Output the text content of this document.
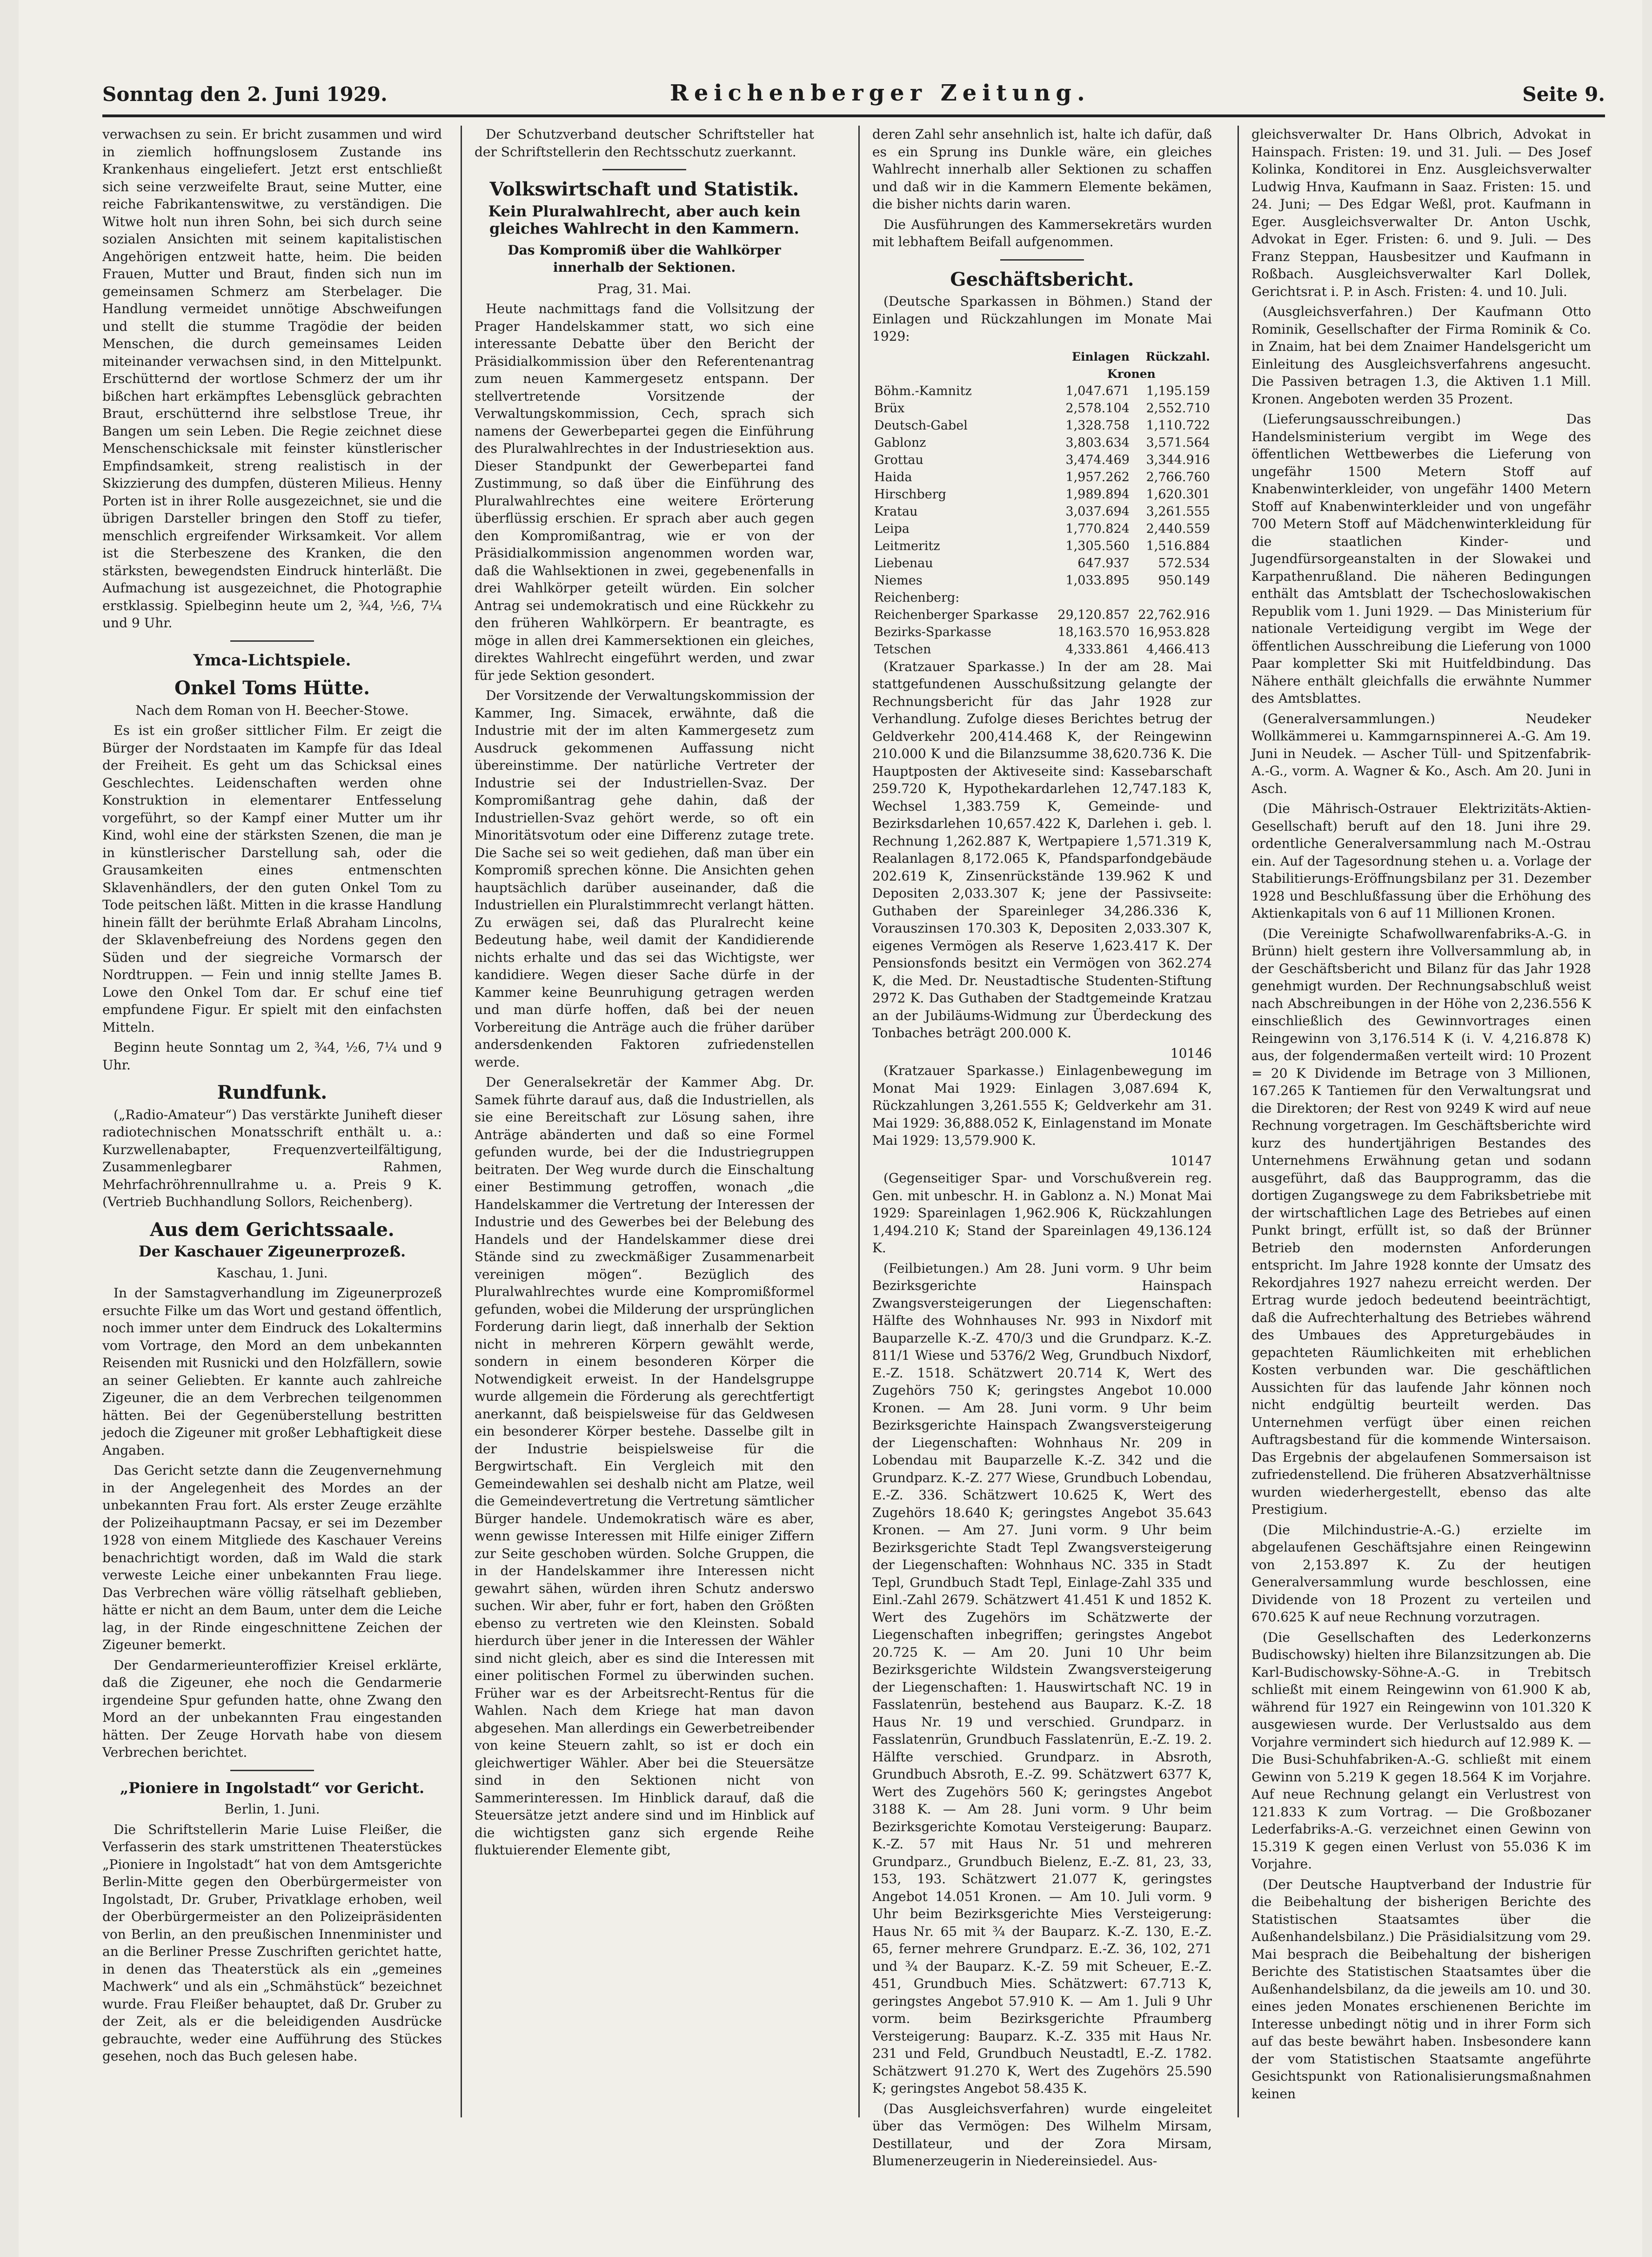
Sonntag den 2. Juni 1929.	Reichenberger Zeitung.	Seite 9.

verwachsen zu sein. Er bricht zusammen und wird in ziemlich hoffnungslosem Zustande ins Krankenhaus eingeliefert. Jetzt erst entschließt sich seine verzweifelte Braut, seine Mutter, eine reiche Fabrikantenswitwe, zu verständigen. Die Witwe holt nun ihren Sohn, bei sich durch seine sozialen Ansichten mit seinem kapitalistischen Angehörigen entzweit hatte, heim. Die beiden Frauen, Mutter und Braut, finden sich nun im gemeinsamen Schmerz am Sterbelager. Die Handlung vermeidet unnötige Abschweifungen und stellt die stumme Tragödie der beiden Menschen, die durch gemeinsames Leiden miteinander verwachsen sind, in den Mittelpunkt. Erschütternd der wortlose Schmerz der um ihr bißchen hart erkämpftes Lebensglück gebrachten Braut, erschütternd ihre selbstlose Treue, ihr Bangen um sein Leben. Die Regie zeichnet diese Menschenschicksale mit feinster künstlerischer Empfindsamkeit, streng realistisch in der Skizzierung des dumpfen, düsteren Milieus. Henny Porten ist in ihrer Rolle ausgezeichnet, sie und die übrigen Darsteller bringen den Stoff zu tiefer, menschlich ergreifender Wirksamkeit. Vor allem ist die Sterbeszene des Kranken, die den stärksten, bewegendsten Eindruck hinterläßt. Die Aufmachung ist ausgezeichnet, die Photographie erstklassig. Spielbeginn heute um 2, ¾4, ½6, 7¼ und 9 Uhr.

Ymca-Lichtspiele.
Onkel Toms Hütte.
Nach dem Roman von H. Beecher-Stowe.

Es ist ein großer sittlicher Film. Er zeigt die Bürger der Nordstaaten im Kampfe für das Ideal der Freiheit. Es geht um das Schicksal eines Geschlechtes. Leidenschaften werden ohne Konstruktion in elementarer Entfesselung vorgeführt, so der Kampf einer Mutter um ihr Kind, wohl eine der stärksten Szenen, die man je in künstlerischer Darstellung sah, oder die Grausamkeiten eines entmenschten Sklavenhändlers, der den guten Onkel Tom zu Tode peitschen läßt. Mitten in die krasse Handlung hinein fällt der berühmte Erlaß Abraham Lincolns, der Sklavenbefreiung des Nordens gegen den Süden und der siegreiche Vormarsch der Nordtruppen. — Fein und innig stellte James B. Lowe den Onkel Tom dar. Er schuf eine tief empfundene Figur. Er spielt mit den einfachsten Mitteln.

Beginn heute Sonntag um 2, ¾4, ½6, 7¼ und 9 Uhr.

Rundfunk.

(„Radio-Amateur“) Das verstärkte Juniheft dieser radiotechnischen Monatsschrift enthält u. a.: Kurzwellenabapter, Frequenzverteilfältigung, Zusammenlegbarer Rahmen, Mehrfachröhrennullrahme u. a. Preis 9 K. (Vertrieb Buchhandlung Sollors, Reichenberg).

Aus dem Gerichtssaale.
Der Kaschauer Zigeunerprozeß.
Kaschau, 1. Juni.

In der Samstagverhandlung im Zigeunerprozeß ersuchte Filke um das Wort und gestand öffentlich, noch immer unter dem Eindruck des Lokaltermins vom Vortrage, den Mord an dem unbekannten Reisenden mit Rusnicki und den Holzfällern, sowie an seiner Geliebten. Er kannte auch zahlreiche Zigeuner, die an dem Verbrechen teilgenommen hätten. Bei der Gegenüberstellung bestritten jedoch die Zigeuner mit großer Lebhaftigkeit diese Angaben.

Das Gericht setzte dann die Zeugenvernehmung in der Angelegenheit des Mordes an der unbekannten Frau fort. Als erster Zeuge erzählte der Polizeihauptmann Pacsay, er sei im Dezember 1928 von einem Mitgliede des Kaschauer Vereins benachrichtigt worden, daß im Wald die stark verweste Leiche einer unbekannten Frau liege. Das Verbrechen wäre völlig rätselhaft geblieben, hätte er nicht an dem Baum, unter dem die Leiche lag, in der Rinde eingeschnittene Zeichen der Zigeuner bemerkt.

Der Gendarmerieunteroffizier Kreisel erklärte, daß die Zigeuner, ehe noch die Gendarmerie irgendeine Spur gefunden hatte, ohne Zwang den Mord an der unbekannten Frau eingestanden hätten. Der Zeuge Horvath habe von diesem Verbrechen berichtet.

„Pioniere in Ingolstadt“ vor Gericht.
Berlin, 1. Juni.

Die Schriftstellerin Marie Luise Fleißer, die Verfasserin des stark umstrittenen Theaterstückes „Pioniere in Ingolstadt“ hat von dem Amtsgerichte Berlin-Mitte gegen den Oberbürgermeister von Ingolstadt, Dr. Gruber, Privatklage erhoben, weil der Oberbürgermeister an den Polizeipräsidenten von Berlin, an den preußischen Innenminister und an die Berliner Presse Zuschriften gerichtet hatte, in denen das Theaterstück als ein „gemeines Machwerk“ und als ein „Schmähstück“ bezeichnet wurde. Frau Fleißer behauptet, daß Dr. Gruber zu der Zeit, als er die beleidigenden Ausdrücke gebrauchte, weder eine Aufführung des Stückes gesehen, noch das Buch gelesen habe.

Der Schutzverband deutscher Schriftsteller hat der Schriftstellerin den Rechtsschutz zuerkannt.

Volkswirtschaft und Statistik.
Kein Pluralwahlrecht, aber auch kein gleiches Wahlrecht in den Kammern.
Das Kompromiß über die Wahlkörper innerhalb der Sektionen.
Prag, 31. Mai.

Heute nachmittags fand die Vollsitzung der Prager Handelskammer statt, wo sich eine interessante Debatte über den Bericht der Präsidialkommission über den Referentenantrag zum neuen Kammergesetz entspann. Der stellvertretende Vorsitzende der Verwaltungskommission, Cech, sprach sich namens der Gewerbepartei gegen die Einführung des Pluralwahlrechtes in der Industriesektion aus. Dieser Standpunkt der Gewerbepartei fand Zustimmung, so daß über die Einführung des Pluralwahlrechtes eine weitere Erörterung überflüssig erschien. Er sprach aber auch gegen den Kompromißantrag, wie er von der Präsidialkommission angenommen worden war, daß die Wahlsektionen in zwei, gegebenenfalls in drei Wahlkörper geteilt würden. Ein solcher Antrag sei undemokratisch und eine Rückkehr zu den früheren Wahlkörpern. Er beantragte, es möge in allen drei Kammersektionen ein gleiches, direktes Wahlrecht eingeführt werden, und zwar für jede Sektion gesondert.

Der Vorsitzende der Verwaltungskommission der Kammer, Ing. Simacek, erwähnte, daß die Industrie mit der im alten Kammergesetz zum Ausdruck gekommenen Auffassung nicht übereinstimme. Der natürliche Vertreter der Industrie sei der Industriellen-Svaz. Der Kompromißantrag gehe dahin, daß der Industriellen-Svaz gehört werde, so oft ein Minoritätsvotum oder eine Differenz zutage trete. Die Sache sei so weit gediehen, daß man über ein Kompromiß sprechen könne. Die Ansichten gehen hauptsächlich darüber auseinander, daß die Industriellen ein Pluralstimmrecht verlangt hätten. Zu erwägen sei, daß das Pluralrecht keine Bedeutung habe, weil damit der Kandidierende nichts erhalte und das sei das Wichtigste, wer kandidiere. Wegen dieser Sache dürfe in der Kammer keine Beunruhigung getragen werden und man dürfe hoffen, daß bei der neuen Vorbereitung die Anträge auch die früher darüber andersdenkenden Faktoren zufriedenstellen werde.

Der Generalsekretär der Kammer Abg. Dr. Samek führte darauf aus, daß die Industriellen, als sie eine Bereitschaft zur Lösung sahen, ihre Anträge abänderten und daß so eine Formel gefunden wurde, bei der die Industriegruppen beitraten. Der Weg wurde durch die Einschaltung einer Bestimmung getroffen, wonach „die Handelskammer die Vertretung der Interessen der Industrie und des Gewerbes bei der Belebung des Handels und der Handelskammer diese drei Stände sind zu zweckmäßiger Zusammenarbeit vereinigen mögen“. Bezüglich des Pluralwahlrechtes wurde eine Kompromißformel gefunden, wobei die Milderung der ursprünglichen Forderung darin liegt, daß innerhalb der Sektion nicht in mehreren Körpern gewählt werde, sondern in einem besonderen Körper die Notwendigkeit erweist. In der Handelsgruppe wurde allgemein die Förderung als gerechtfertigt anerkannt, daß beispielsweise für das Geldwesen ein besonderer Körper bestehe. Dasselbe gilt in der Industrie beispielsweise für die Bergwirtschaft. Ein Vergleich mit den Gemeindewahlen sei deshalb nicht am Platze, weil die Gemeindevertretung die Vertretung sämtlicher Bürger handele. Undemokratisch wäre es aber, wenn gewisse Interessen mit Hilfe einiger Ziffern zur Seite geschoben würden. Solche Gruppen, die in der Handelskammer ihre Interessen nicht gewahrt sähen, würden ihren Schutz anderswo suchen. Wir aber, fuhr er fort, haben den Größten ebenso zu vertreten wie den Kleinsten. Sobald hierdurch über jener in die Interessen der Wähler sind nicht gleich, aber es sind die Interessen mit einer politischen Formel zu überwinden suchen. Früher war es der Arbeitsrecht-Rentus für die Wahlen. Nach dem Kriege hat man davon abgesehen. Man allerdings ein Gewerbetreibender von keine Steuern zahlt, so ist er doch ein gleichwertiger Wähler. Aber bei die Steuersätze sind in den Sektionen nicht von Sammerinteressen. Im Hinblick darauf, daß die Steuersätze jetzt andere sind und im Hinblick auf die wichtigsten ganz sich ergende Reihe fluktuierender Elemente gibt,

deren Zahl sehr ansehnlich ist, halte ich dafür, daß es ein Sprung ins Dunkle wäre, ein gleiches Wahlrecht innerhalb aller Sektionen zu schaffen und daß wir in die Kammern Elemente bekämen, die bisher nichts darin waren.

Die Ausführungen des Kammersekretärs wurden mit lebhaftem Beifall aufgenommen.

Geschäftsbericht.

(Deutsche Sparkassen in Böhmen.) Stand der Einlagen und Rückzahlungen im Monate Mai 1929:

	Einlagen	Rückzahl.
	Kronen	
Böhm.-Kamnitz	1,047.671	1,195.159
Brüx	2,578.104	2,552.710
Deutsch-Gabel	1,328.758	1,110.722
Gablonz	3,803.634	3,571.564
Grottau	3,474.469	3,344.916
Haida	1,957.262	2,766.760
Hirschberg	1,989.894	1,620.301
Kratau	3,037.694	3,261.555
Leipa	1,770.824	2,440.559
Leitmeritz	1,305.560	1,516.884
Liebenau	647.937	572.534
Niemes	1,033.895	950.149
Reichenberg:		
Reichenberger Sparkasse	29,120.857	22,762.916
Bezirks-Sparkasse	18,163.570	16,953.828
Tetschen	4,333.861	4,466.413

(Kratzauer Sparkasse.) In der am 28. Mai stattgefundenen Ausschußsitzung gelangte der Rechnungsbericht für das Jahr 1928 zur Verhandlung. Zufolge dieses Berichtes betrug der Geldverkehr 200,414.468 K, der Reingewinn 210.000 K und die Bilanzsumme 38,620.736 K. Die Hauptposten der Aktiveseite sind: Kassebarschaft 259.720 K, Hypothekardarlehen 12,747.183 K, Wechsel 1,383.759 K, Gemeinde- und Bezirksdarlehen 10,657.422 K, Darlehen i. geb. l. Rechnung 1,262.887 K, Wertpapiere 1,571.319 K, Realanlagen 8,172.065 K, Pfandsparfondgebäude 202.619 K, Zinsenrückstände 139.962 K und Depositen 2,033.307 K; jene der Passivseite: Guthaben der Spareinleger 34,286.336 K, Vorauszinsen 170.303 K, Depositen 2,033.307 K, eigenes Vermögen als Reserve 1,623.417 K. Der Pensionsfonds besitzt ein Vermögen von 362.274 K, die Med. Dr. Neustadtische Studenten-Stiftung 2972 K. Das Guthaben der Stadtgemeinde Kratzau an der Jubiläums-Widmung zur Überdeckung des Tonbaches beträgt 200.000 K.

10146

(Kratzauer Sparkasse.) Einlagenbewegung im Monat Mai 1929: Einlagen 3,087.694 K, Rückzahlungen 3,261.555 K; Geldverkehr am 31. Mai 1929: 36,888.052 K, Einlagenstand im Monate Mai 1929: 13,579.900 K.

10147

(Gegenseitiger Spar- und Vorschußverein reg. Gen. mit unbeschr. H. in Gablonz a. N.) Monat Mai 1929: Spareinlagen 1,962.906 K, Rückzahlungen 1,494.210 K; Stand der Spareinlagen 49,136.124 K.

(Feilbietungen.) Am 28. Juni vorm. 9 Uhr beim Bezirksgerichte Hainspach Zwangsversteigerungen der Liegenschaften: Hälfte des Wohnhauses Nr. 993 in Nixdorf mit Bauparzelle K.-Z. 470/3 und die Grundparz. K.-Z. 811/1 Wiese und 5376/2 Weg, Grundbuch Nixdorf, E.-Z. 1518. Schätzwert 20.714 K, Wert des Zugehörs 750 K; geringstes Angebot 10.000 Kronen. — Am 28. Juni vorm. 9 Uhr beim Bezirksgerichte Hainspach Zwangsversteigerung der Liegenschaften: Wohnhaus Nr. 209 in Lobendau mit Bauparzelle K.-Z. 342 und die Grundparz. K.-Z. 277 Wiese, Grundbuch Lobendau, E.-Z. 336. Schätzwert 10.625 K, Wert des Zugehörs 18.640 K; geringstes Angebot 35.643 Kronen. — Am 27. Juni vorm. 9 Uhr beim Bezirksgerichte Stadt Tepl Zwangsversteigerung der Liegenschaften: Wohnhaus NC. 335 in Stadt Tepl, Grundbuch Stadt Tepl, Einlage-Zahl 335 und Einl.-Zahl 2679. Schätzwert 41.451 K und 1852 K. Wert des Zugehörs im Schätzwerte der Liegenschaften inbegriffen; geringstes Angebot 20.725 K. — Am 20. Juni 10 Uhr beim Bezirksgerichte Wildstein Zwangsversteigerung der Liegenschaften: 1. Hauswirtschaft NC. 19 in Fasslatenrün, bestehend aus Bauparz. K.-Z. 18 Haus Nr. 19 und verschied. Grundparz. in Fasslatenrün, Grundbuch Fasslatenrün, E.-Z. 19. 2. Hälfte verschied. Grundparz. in Absroth, Grundbuch Absroth, E.-Z. 99. Schätzwert 6377 K, Wert des Zugehörs 560 K; geringstes Angebot 3188 K. — Am 28. Juni vorm. 9 Uhr beim Bezirksgerichte Komotau Versteigerung: Bauparz. K.-Z. 57 mit Haus Nr. 51 und mehreren Grundparz., Grundbuch Bielenz, E.-Z. 81, 23, 33, 153, 193. Schätzwert 21.077 K, geringstes Angebot 14.051 Kronen. — Am 10. Juli vorm. 9 Uhr beim Bezirksgerichte Mies Versteigerung: Haus Nr. 65 mit ¾ der Bauparz. K.-Z. 130, E.-Z. 65, ferner mehrere Grundparz. E.-Z. 36, 102, 271 und ¾ der Bauparz. K.-Z. 59 mit Scheuer, E.-Z. 451, Grundbuch Mies. Schätzwert: 67.713 K, geringstes Angebot 57.910 K. — Am 1. Juli 9 Uhr vorm. beim Bezirksgerichte Pfraumberg Versteigerung: Bauparz. K.-Z. 335 mit Haus Nr. 231 und Feld, Grundbuch Neustadtl, E.-Z. 1782. Schätzwert 91.270 K, Wert des Zugehörs 25.590 K; geringstes Angebot 58.435 K.

(Das Ausgleichsverfahren) wurde eingeleitet über das Vermögen: Des Wilhelm Mirsam, Destillateur, und der Zora Mirsam, Blumenerzeugerin in Niedereinsiedel. Aus-

gleichsverwalter Dr. Hans Olbrich, Advokat in Hainspach. Fristen: 19. und 31. Juli. — Des Josef Kolinka, Konditorei in Enz. Ausgleichsverwalter Ludwig Hnva, Kaufmann in Saaz. Fristen: 15. und 24. Juni; — Des Edgar Weßl, prot. Kaufmann in Eger. Ausgleichsverwalter Dr. Anton Uschk, Advokat in Eger. Fristen: 6. und 9. Juli. — Des Franz Steppan, Hausbesitzer und Kaufmann in Roßbach. Ausgleichsverwalter Karl Dollek, Gerichtsrat i. P. in Asch. Fristen: 4. und 10. Juli.

(Ausgleichsverfahren.) Der Kaufmann Otto Rominik, Gesellschafter der Firma Rominik & Co. in Znaim, hat bei dem Znaimer Handelsgericht um Einleitung des Ausgleichsverfahrens angesucht. Die Passiven betragen 1.3, die Aktiven 1.1 Mill. Kronen. Angeboten werden 35 Prozent.

(Lieferungsausschreibungen.) Das Handelsministerium vergibt im Wege des öffentlichen Wettbewerbes die Lieferung von ungefähr 1500 Metern Stoff auf Knabenwinterkleider, von ungefähr 1400 Metern Stoff auf Knabenwinterkleider und von ungefähr 700 Metern Stoff auf Mädchenwinterkleidung für die staatlichen Kinder- und Jugendfürsorgeanstalten in der Slowakei und Karpathenrußland. Die näheren Bedingungen enthält das Amtsblatt der Tschechoslowakischen Republik vom 1. Juni 1929. — Das Ministerium für nationale Verteidigung vergibt im Wege der öffentlichen Ausschreibung die Lieferung von 1000 Paar kompletter Ski mit Huitfeldbindung. Das Nähere enthält gleichfalls die erwähnte Nummer des Amtsblattes.

(Generalversammlungen.) Neudeker Wollkämmerei u. Kammgarnspinnerei A.-G. Am 19. Juni in Neudek. — Ascher Tüll- und Spitzenfabrik-A.-G., vorm. A. Wagner & Ko., Asch. Am 20. Juni in Asch.

(Die Mährisch-Ostrauer Elektrizitäts-Aktien-Gesellschaft) beruft auf den 18. Juni ihre 29. ordentliche Generalversammlung nach M.-Ostrau ein. Auf der Tagesordnung stehen u. a. Vorlage der Stabilitierungs-Eröffnungsbilanz per 31. Dezember 1928 und Beschlußfassung über die Erhöhung des Aktienkapitals von 6 auf 11 Millionen Kronen.

(Die Vereinigte Schafwollwarenfabriks-A.-G. in Brünn) hielt gestern ihre Vollversammlung ab, in der Geschäftsbericht und Bilanz für das Jahr 1928 genehmigt wurden. Der Rechnungsabschluß weist nach Abschreibungen in der Höhe von 2,236.556 K einschließlich des Gewinnvortrages einen Reingewinn von 3,176.514 K (i. V. 4,216.878 K) aus, der folgendermaßen verteilt wird: 10 Prozent = 20 K Dividende im Betrage von 3 Millionen, 167.265 K Tantiemen für den Verwaltungsrat und die Direktoren; der Rest von 9249 K wird auf neue Rechnung vorgetragen. Im Geschäftsberichte wird kurz des hundertjährigen Bestandes des Unternehmens Erwähnung getan und sodann ausgeführt, daß das Baupprogramm, das die dortigen Zugangswege zu dem Fabriksbetriebe mit der wirtschaftlichen Lage des Betriebes auf einen Punkt bringt, erfüllt ist, so daß der Brünner Betrieb den modernsten Anforderungen entspricht. Im Jahre 1928 konnte der Umsatz des Rekordjahres 1927 nahezu erreicht werden. Der Ertrag wurde jedoch bedeutend beeinträchtigt, daß die Aufrechterhaltung des Betriebes während des Umbaues des Appreturgebäudes in gepachteten Räumlichkeiten mit erheblichen Kosten verbunden war. Die geschäftlichen Aussichten für das laufende Jahr können noch nicht endgültig beurteilt werden. Das Unternehmen verfügt über einen reichen Auftragsbestand für die kommende Wintersaison. Das Ergebnis der abgelaufenen Sommersaison ist zufriedenstellend. Die früheren Absatzverhältnisse wurden wiederhergestellt, ebenso das alte Prestigium.

(Die Milchindustrie-A.-G.) erzielte im abgelaufenen Geschäftsjahre einen Reingewinn von 2,153.897 K. Zu der heutigen Generalversammlung wurde beschlossen, eine Dividende von 18 Prozent zu verteilen und 670.625 K auf neue Rechnung vorzutragen.

(Die Gesellschaften des Lederkonzerns Budischowsky) hielten ihre Bilanzsitzungen ab. Die Karl-Budischowsky-Söhne-A.-G. in Trebitsch schließt mit einem Reingewinn von 61.900 K ab, während für 1927 ein Reingewinn von 101.320 K ausgewiesen wurde. Der Verlustsaldo aus dem Vorjahre vermindert sich hiedurch auf 12.989 K. — Die Busi-Schuhfabriken-A.-G. schließt mit einem Gewinn von 5.219 K gegen 18.564 K im Vorjahre. Auf neue Rechnung gelangt ein Verlustrest von 121.833 K zum Vortrag. — Die Großbozaner Lederfabriks-A.-G. verzeichnet einen Gewinn von 15.319 K gegen einen Verlust von 55.036 K im Vorjahre.

(Der Deutsche Hauptverband der Industrie für die Beibehaltung der bisherigen Berichte des Statistischen Staatsamtes über die Außenhandelsbilanz.) Die Präsidialsitzung vom 29. Mai besprach die Beibehaltung der bisherigen Berichte des Statistischen Staatsamtes über die Außenhandelsbilanz, da die jeweils am 10. und 30. eines jeden Monates erschienenen Berichte im Interesse unbedingt nötig und in ihrer Form sich auf das beste bewährt haben. Insbesondere kann der vom Statistischen Staatsamte angeführte Gesichtspunkt von Rationalisierungsmaßnahmen keinen
